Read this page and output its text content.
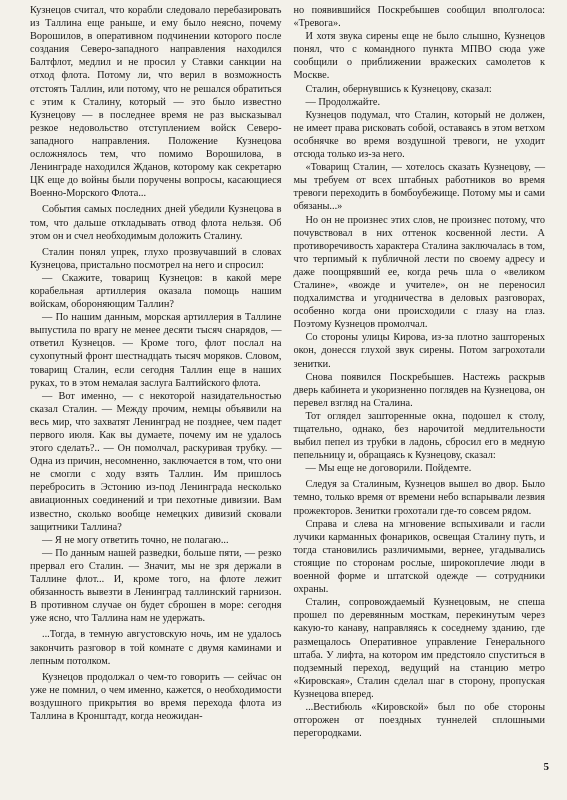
Кузнецов считал, что корабли следовало перебазировать из Таллина еще раньше, и ему было неясно, почему Ворошилов, в оперативном подчинении которого после создания Северо-западного направления находился Балтфлот, медлил и не просил у Ставки санкции на отход флота. Потому ли, что верил в возможность отстоять Таллин, или потому, что не решался обратиться с этим к Сталину, который — это было известно Кузнецову — в последнее время не раз высказывал резкое недовольство отступлением войск Северо-западного направления. Положение Кузнецова осложнялось тем, что помимо Ворошилова, в Ленинграде находился Жданов, которому как секретарю ЦК еще до войны были поручены вопросы, касающиеся Военно-Морского Флота...

События самых последних дней убедили Кузнецова в том, что дальше откладывать отвод флота нельзя. Об этом он и счел необходимым доложить Сталину.

Сталин понял упрек, глухо прозвучавший в словах Кузнецова, пристально посмотрел на него и спросил:

— Скажите, товарищ Кузнецов: в какой мере корабельная артиллерия оказала помощь нашим войскам, обороняющим Таллин?

— По нашим данным, морская артиллерия в Таллине выпустила по врагу не менее десяти тысяч снарядов, — ответил Кузнецов. — Кроме того, флот послал на сухопутный фронт шестнадцать тысяч моряков. Словом, товарищ Сталин, если сегодня Таллин еще в наших руках, то в этом немалая заслуга Балтийского флота.

— Вот именно, — с некоторой назидательностью сказал Сталин. — Между прочим, немцы объявили на весь мир, что захватят Ленинград не позднее, чем падет первого июля. Как вы думаете, почему им не удалось этого сделать?.. — Он помолчал, раскуривая трубку. — Одна из причин, несомненно, заключается в том, что они не смогли с ходу взять Таллин. Им пришлось перебросить в Эстонию из-под Ленинграда несколько авиационных соединений и три пехотные дивизии. Вам известно, сколько вообще немецких дивизий сковали защитники Таллина?

— Я не могу ответить точно, не полагаю...

— По данным нашей разведки, больше пяти, — резко прервал его Сталин. — Значит, мы не зря держали в Таллине флот... И, кроме того, на флоте лежит обязанность вывезти в Ленинград таллинский гарнизон. В противном случае он будет сброшен в море: сегодня уже ясно, что Таллина нам не удержать.

...Тогда, в темную августовскую ночь, им не удалось закончить разговор в той комнате с двумя каминами и лепным потолком.

Кузнецов продолжал о чем-то говорить — сейчас он уже не помнил, о чем именно, кажется, о необходимости воздушного прикрытия во время перехода флота из Таллина в Кронштадт, когда неожидан-

но появившийся Поскребышев сообщил вполголоса: «Тревога».

И хотя звука сирены еще не было слышно, Кузнецов понял, что с командного пункта МПВО сюда уже сообщили о приближении вражеских самолетов к Москве.

Сталин, обернувшись к Кузнецову, сказал:

— Продолжайте.

Кузнецов подумал, что Сталин, который не должен, не имеет права рисковать собой, оставаясь в этом ветхом особнячке во время воздушной тревоги, не уходит отсюда только из-за него.

«Товарищ Сталин, — хотелось сказать Кузнецову, — мы требуем от всех штабных работников во время тревоги переходить в бомбоубежище. Потому мы и сами обязаны...»

Но он не произнес этих слов, не произнес потому, что почувствовал в них оттенок косвенной лести. А противоречивость характера Сталина заключалась в том, что терпимый к публичной лести по своему адресу и даже поощрявший ее, когда речь шла о «великом Сталине», «вожде и учителе», он не переносил подхалимства и угодничества в деловых разговорах, особенно когда они происходили с глазу на глаз. Поэтому Кузнецов промолчал.

Со стороны улицы Кирова, из-за плотно заштореных окон, донесся глухой звук сирены. Потом загрохотали зенитки.

Снова появился Поскребышев. Настежь раскрыв дверь кабинета и укоризненно поглядев на Кузнецова, он перевел взгляд на Сталина.

Тот оглядел зашторенные окна, подошел к столу, тщательно, однако, без нарочитой медлительности выбил пепел из трубки в ладонь, сбросил его в медную пепельницу и, обращаясь к Кузнецову, сказал:

— Мы еще не договорили. Пойдемте.

Следуя за Сталиным, Кузнецов вышел во двор. Было темно, только время от времени небо вспарывали лезвия прожекторов. Зенитки грохотали где-то совсем рядом.

Справа и слева на мгновение вспыхивали и гасли лучики карманных фонариков, освещая Сталину путь, и тогда становились различимыми, вернее, угадывались стоящие по сторонам рослые, широкоплечие люди в военной форме и штатской одежде — сотрудники охраны.

Сталин, сопровождаемый Кузнецовым, не спеша прошел по деревянным мосткам, перекинутым через какую-то канаву, направляясь к соседнему зданию, где размещалось Оперативное управление Генерального штаба. У лифта, на котором им предстояло спуститься в подземный переход, ведущий на станцию метро «Кировская», Сталин сделал шаг в сторону, пропуская Кузнецова вперед.

...Вестибюль «Кировской» был по обе стороны отгорожен от поездных туннелей сплошными перегородками.

5
